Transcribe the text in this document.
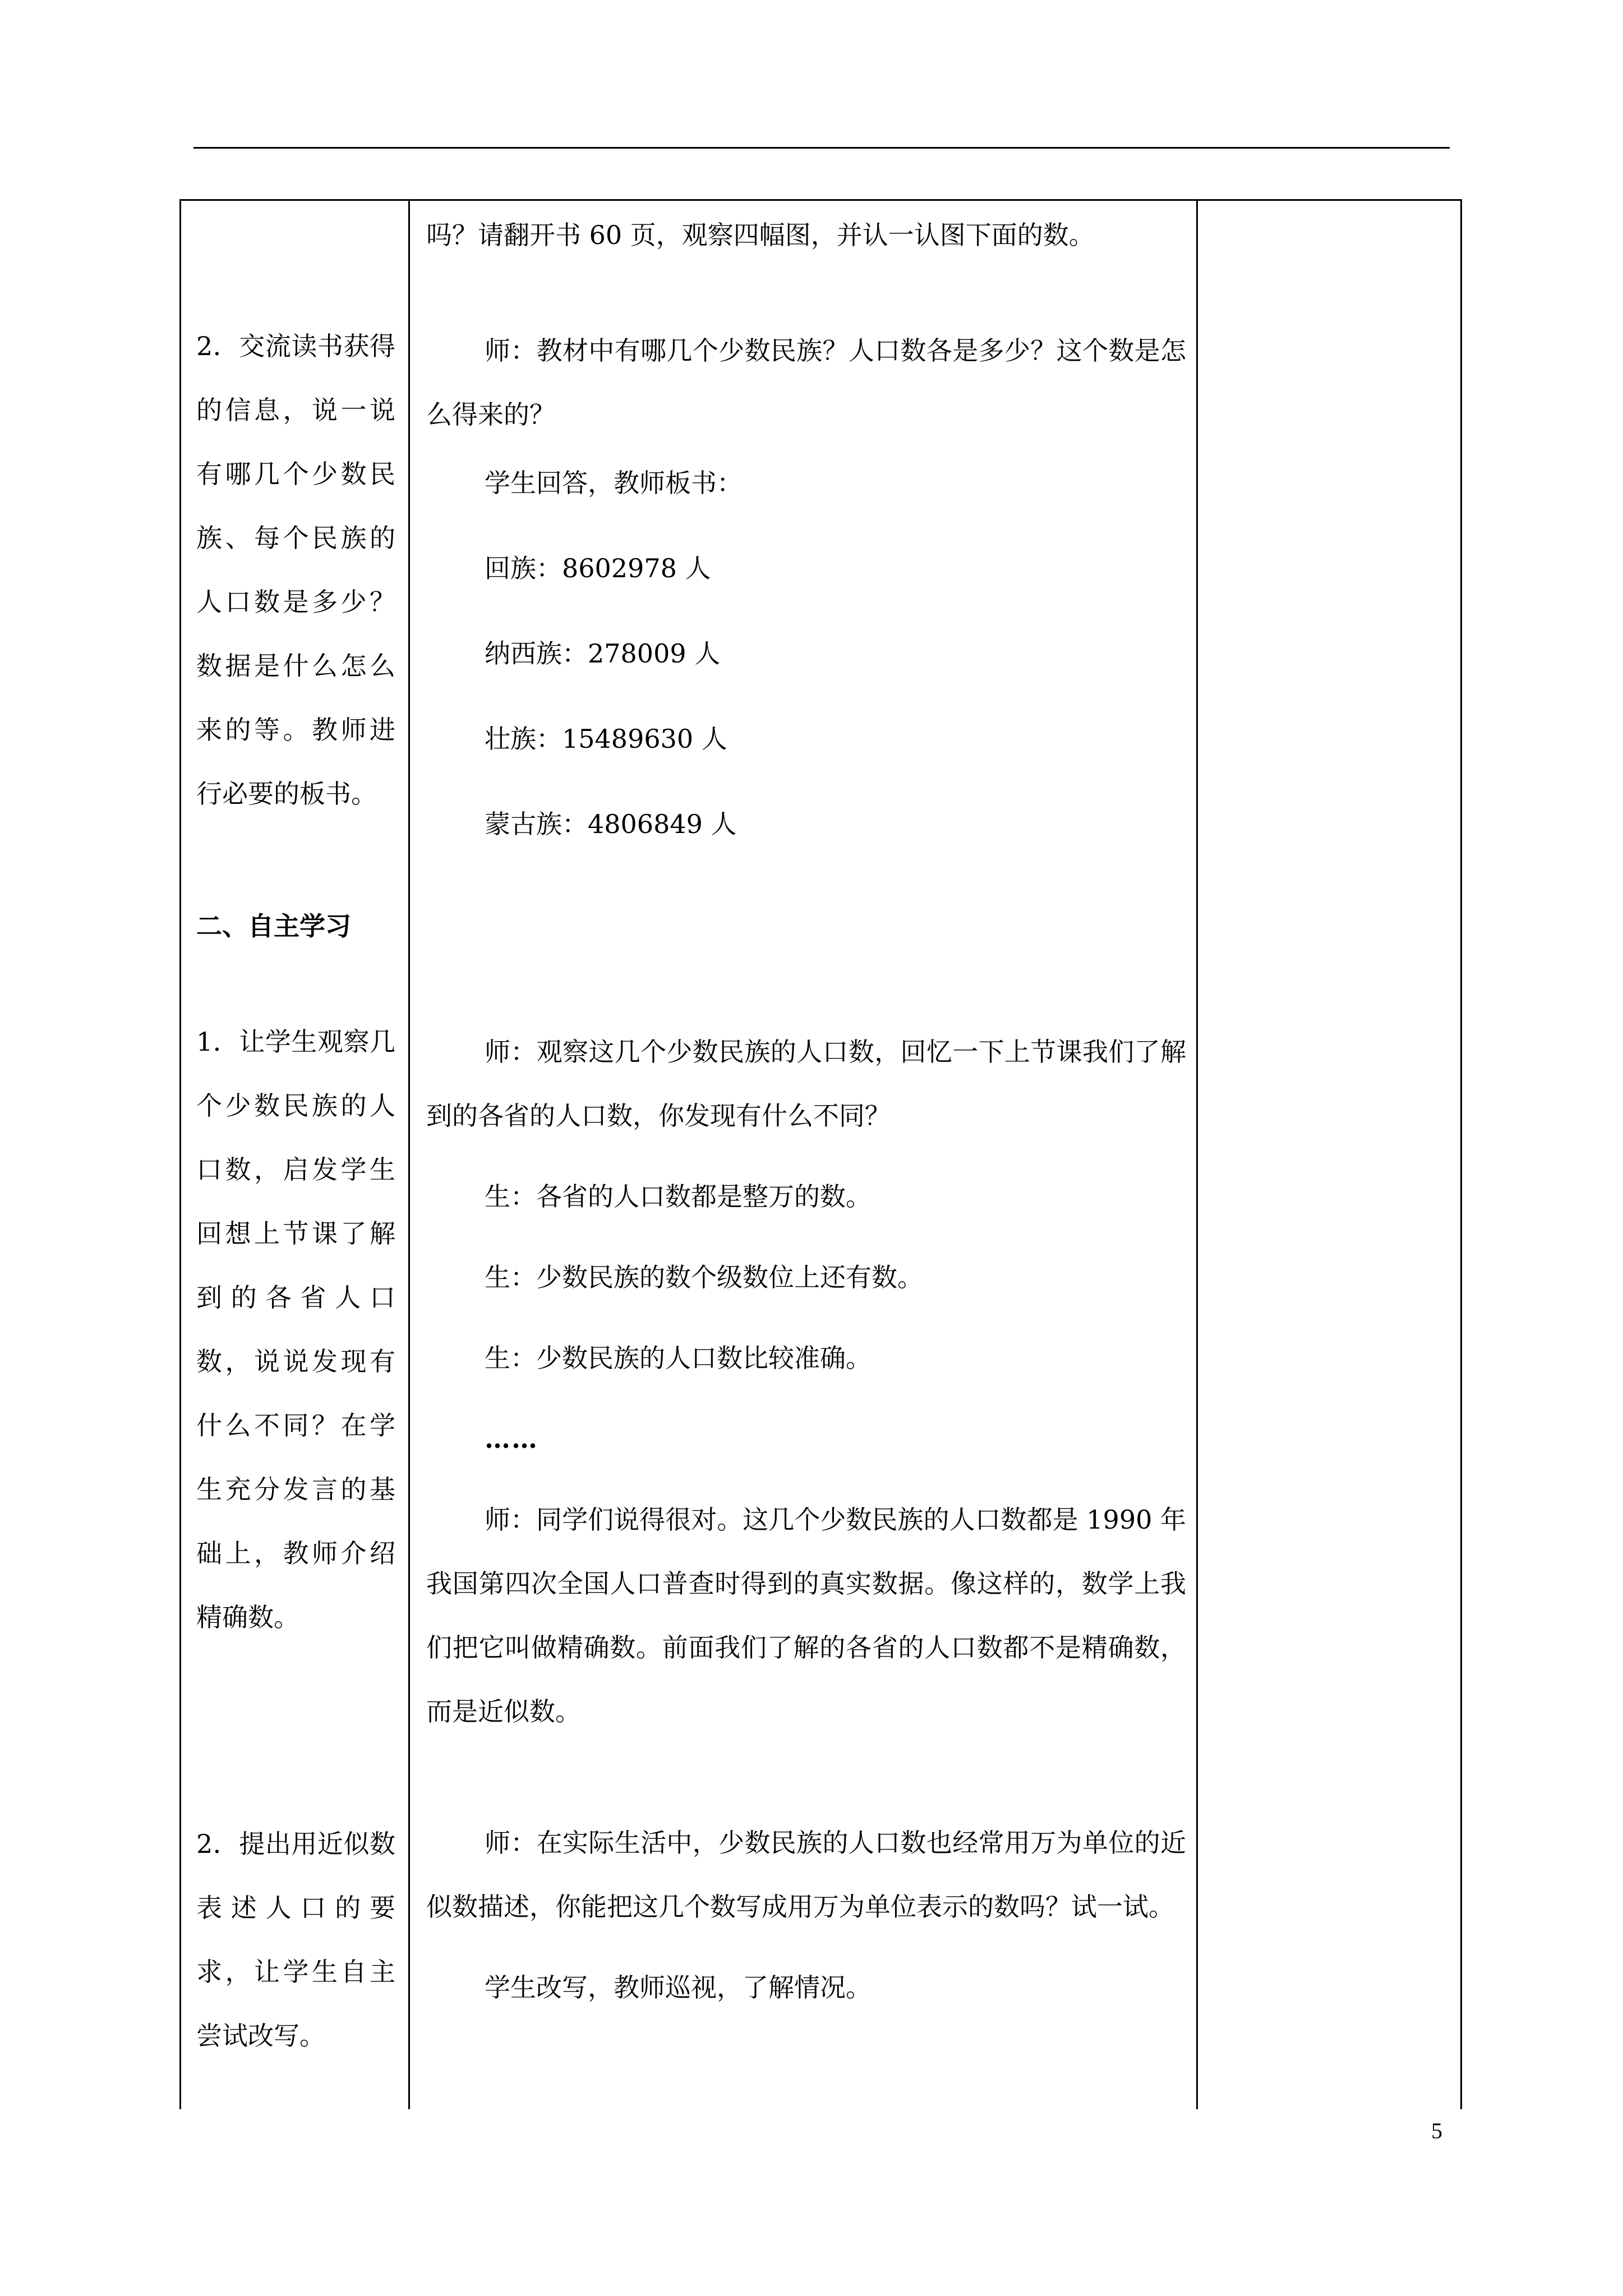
2．交流读书获得的信息，说一说有哪几个少数民族、每个民族的人口数是多少？数据是什么怎么来的等。教师进行必要的板书。
二、自主学习
1．让学生观察几个少数民族的人口数，启发学生回想上节课了解到的各省人口数，说说发现有什么不同？在学生充分发言的基础上，教师介绍精确数。
2．提出用近似数表述人口的要求，让学生自主尝试改写。

吗？请翻开书 60 页，观察四幅图，并认一认图下面的数。

师：教材中有哪几个少数民族？人口数各是多少？这个数是怎么得来的？

学生回答，教师板书：

回族：8602978 人

纳西族：278009 人

壮族：15489630 人

蒙古族：4806849 人

师：观察这几个少数民族的人口数，回忆一下上节课我们了解到的各省的人口数，你发现有什么不同？

生：各省的人口数都是整万的数。

生：少数民族的数个级数位上还有数。

生：少数民族的人口数比较准确。

……

师：同学们说得很对。这几个少数民族的人口数都是 1990 年我国第四次全国人口普查时得到的真实数据。像这样的，数学上我们把它叫做精确数。前面我们了解的各省的人口数都不是精确数，而是近似数。

师：在实际生活中，少数民族的人口数也经常用万为单位的近似数描述，你能把这几个数写成用万为单位表示的数吗？试一试。

学生改写，教师巡视，了解情况。

5
